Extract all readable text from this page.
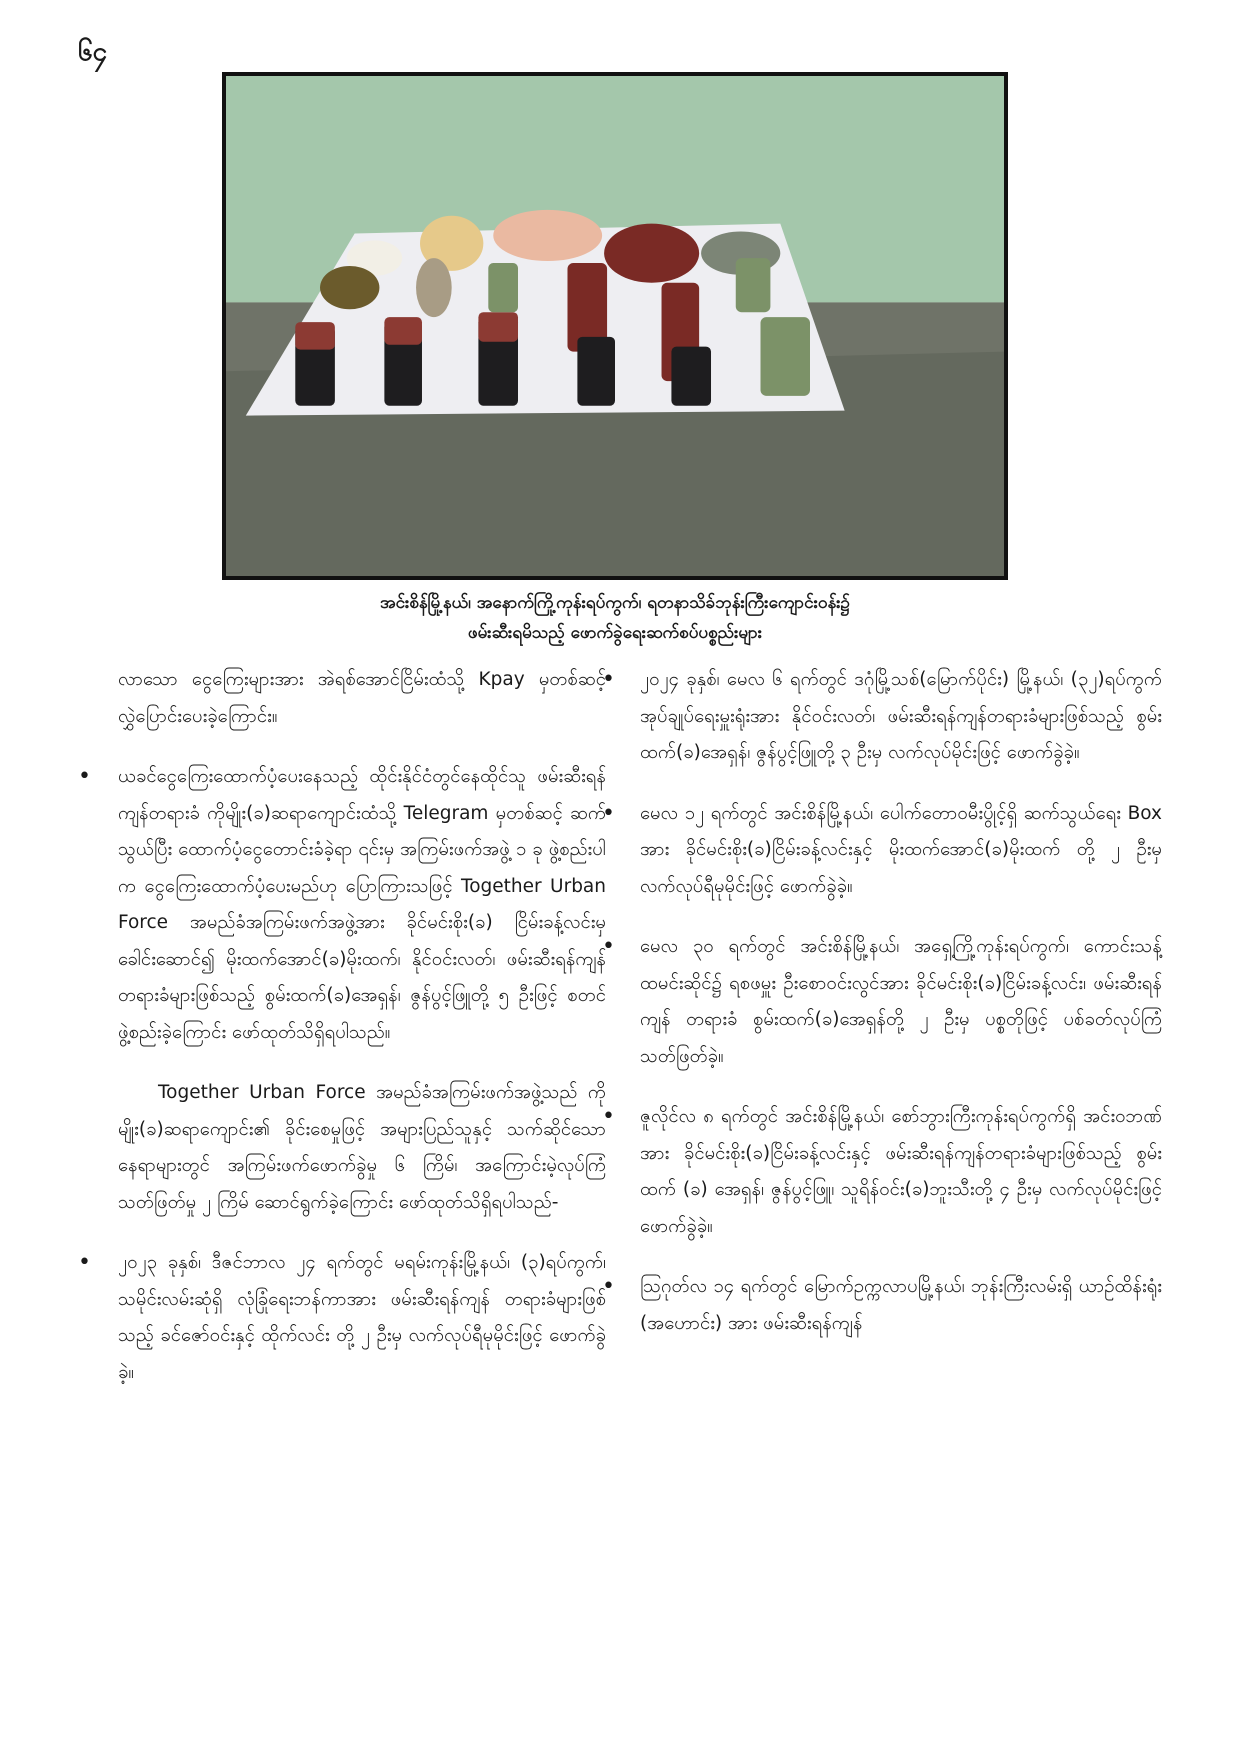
၆၄
အင်းစိန်မြို့နယ်၊ အနောက်ကြို့ကုန်းရပ်ကွက်၊ ရတနာသိခ်ဘုန်းကြီးကျောင်းဝန်း၌
ဖမ်းဆီးရမိသည့် ဖောက်ခွဲရေးဆက်စပ်ပစ္စည်းများ

လာသော ငွေကြေးများအား အဲရစ်အောင်ငြိမ်းထံသို့ Kpay မှတစ်ဆင့် လွှဲပြောင်းပေးခဲ့ကြောင်း။

• ယခင်ငွေကြေးထောက်ပံ့ပေးနေသည့် ထိုင်းနိုင်ငံတွင်နေထိုင်သူ ဖမ်းဆီးရန်ကျန်တရားခံ ကိုမျိုး(ခ)ဆရာကျောင်းထံသို့ Telegram မှတစ်ဆင့် ဆက်သွယ်ပြီး ထောက်ပံ့ငွေတောင်းခံခဲ့ရာ ၎င်းမှ အကြမ်းဖက်အဖွဲ့ ၁ ခု ဖွဲ့စည်းပါက ငွေကြေးထောက်ပံ့ပေးမည်ဟု ပြောကြားသဖြင့် Together Urban Force အမည်ခံအကြမ်းဖက်အဖွဲ့အား ခိုင်မင်းစိုး(ခ) ငြိမ်းခန့်လင်းမှခေါင်းဆောင်၍ မိုးထက်အောင်(ခ)မိုးထက်၊ နိုင်ဝင်းလတ်၊ ဖမ်းဆီးရန်ကျန် တရားခံများဖြစ်သည့် စွမ်းထက်(ခ)အေရှန်၊ ဇွန်ပွင့်ဖြူတို့ ၅ ဦးဖြင့် စတင်ဖွဲ့စည်းခဲ့ကြောင်း ဖော်ထုတ်သိရှိရပါသည်။

Together Urban Force အမည်ခံအကြမ်းဖက်အဖွဲ့သည် ကိုမျိုး(ခ)ဆရာကျောင်း၏ ခိုင်းစေမှုဖြင့် အများပြည်သူနှင့် သက်ဆိုင်သောနေရာများတွင် အကြမ်းဖက်ဖောက်ခွဲမှု ၆ ကြိမ်၊ အကြောင်းမဲ့လုပ်ကြံသတ်ဖြတ်မှု ၂ ကြိမ် ဆောင်ရွက်ခဲ့ကြောင်း ဖော်ထုတ်သိရှိရပါသည်-

• ၂၀၂၃ ခုနှစ်၊ ဒီဇင်ဘာလ ၂၄ ရက်တွင် မရမ်းကုန်းမြို့နယ်၊ (၃)ရပ်ကွက်၊ သမိုင်းလမ်းဆုံရှိ လုံခြုံရေးဘန်ကာအား ဖမ်းဆီးရန်ကျန် တရားခံများဖြစ်သည့် ခင်ဇော်ဝင်းနှင့် ထိုက်လင်း တို့ ၂ ဦးမှ လက်လုပ်ရီမုမိုင်းဖြင့် ဖောက်ခွဲခဲ့။

• ၂၀၂၄ ခုနှစ်၊ မေလ ၆ ရက်တွင် ဒဂုံမြို့သစ်(မြောက်ပိုင်း) မြို့နယ်၊ (၃၂)ရပ်ကွက်အုပ်ချုပ်ရေးမှူးရုံးအား နိုင်ဝင်းလတ်၊ ဖမ်းဆီးရန်ကျန်တရားခံများဖြစ်သည့် စွမ်းထက်(ခ)အေရှန်၊ ဇွန်ပွင့်ဖြူတို့ ၃ ဦးမှ လက်လုပ်မိုင်းဖြင့် ဖောက်ခွဲခဲ့။

• မေလ ၁၂ ရက်တွင် အင်းစိန်မြို့နယ်၊ ပေါက်တောဝမီးပွိုင့်ရှိ ဆက်သွယ်ရေး Box အား ခိုင်မင်းစိုး(ခ)ငြိမ်းခန့်လင်းနှင့် မိုးထက်အောင်(ခ)မိုးထက် တို့ ၂ ဦးမှ လက်လုပ်ရီမုမိုင်းဖြင့် ဖောက်ခွဲခဲ့။

• မေလ ၃၀ ရက်တွင် အင်းစိန်မြို့နယ်၊ အရှေ့ကြို့ကုန်းရပ်ကွက်၊ ကောင်းသန့်ထမင်းဆိုင်၌ ရစဖမှူး ဦးစောဝင်းလွင်အား ခိုင်မင်းစိုး(ခ)ငြိမ်းခန့်လင်း၊ ဖမ်းဆီးရန်ကျန် တရားခံ စွမ်းထက်(ခ)အေရှန်တို့ ၂ ဦးမှ ပစ္စတိုဖြင့် ပစ်ခတ်လုပ်ကြံသတ်ဖြတ်ခဲ့။

• ဇူလိုင်လ ၈ ရက်တွင် အင်းစိန်မြို့နယ်၊ စော်ဘွားကြီးကုန်းရပ်ကွက်ရှိ အင်းဝဘဏ်အား ခိုင်မင်းစိုး(ခ)ငြိမ်းခန့်လင်းနှင့် ဖမ်းဆီးရန်ကျန်တရားခံများဖြစ်သည့် စွမ်းထက် (ခ) အေရှန်၊ ဇွန်ပွင့်ဖြူ၊ သူရိန်ဝင်း(ခ)ဘူးသီးတို့ ၄ ဦးမှ လက်လုပ်မိုင်းဖြင့် ဖောက်ခွဲခဲ့။

• ဩဂုတ်လ ၁၄ ရက်တွင် မြောက်ဥက္ကလာပမြို့နယ်၊ ဘုန်းကြီးလမ်းရှိ ယာဉ်ထိန်းရုံး (အဟောင်း) အား ဖမ်းဆီးရန်ကျန်
